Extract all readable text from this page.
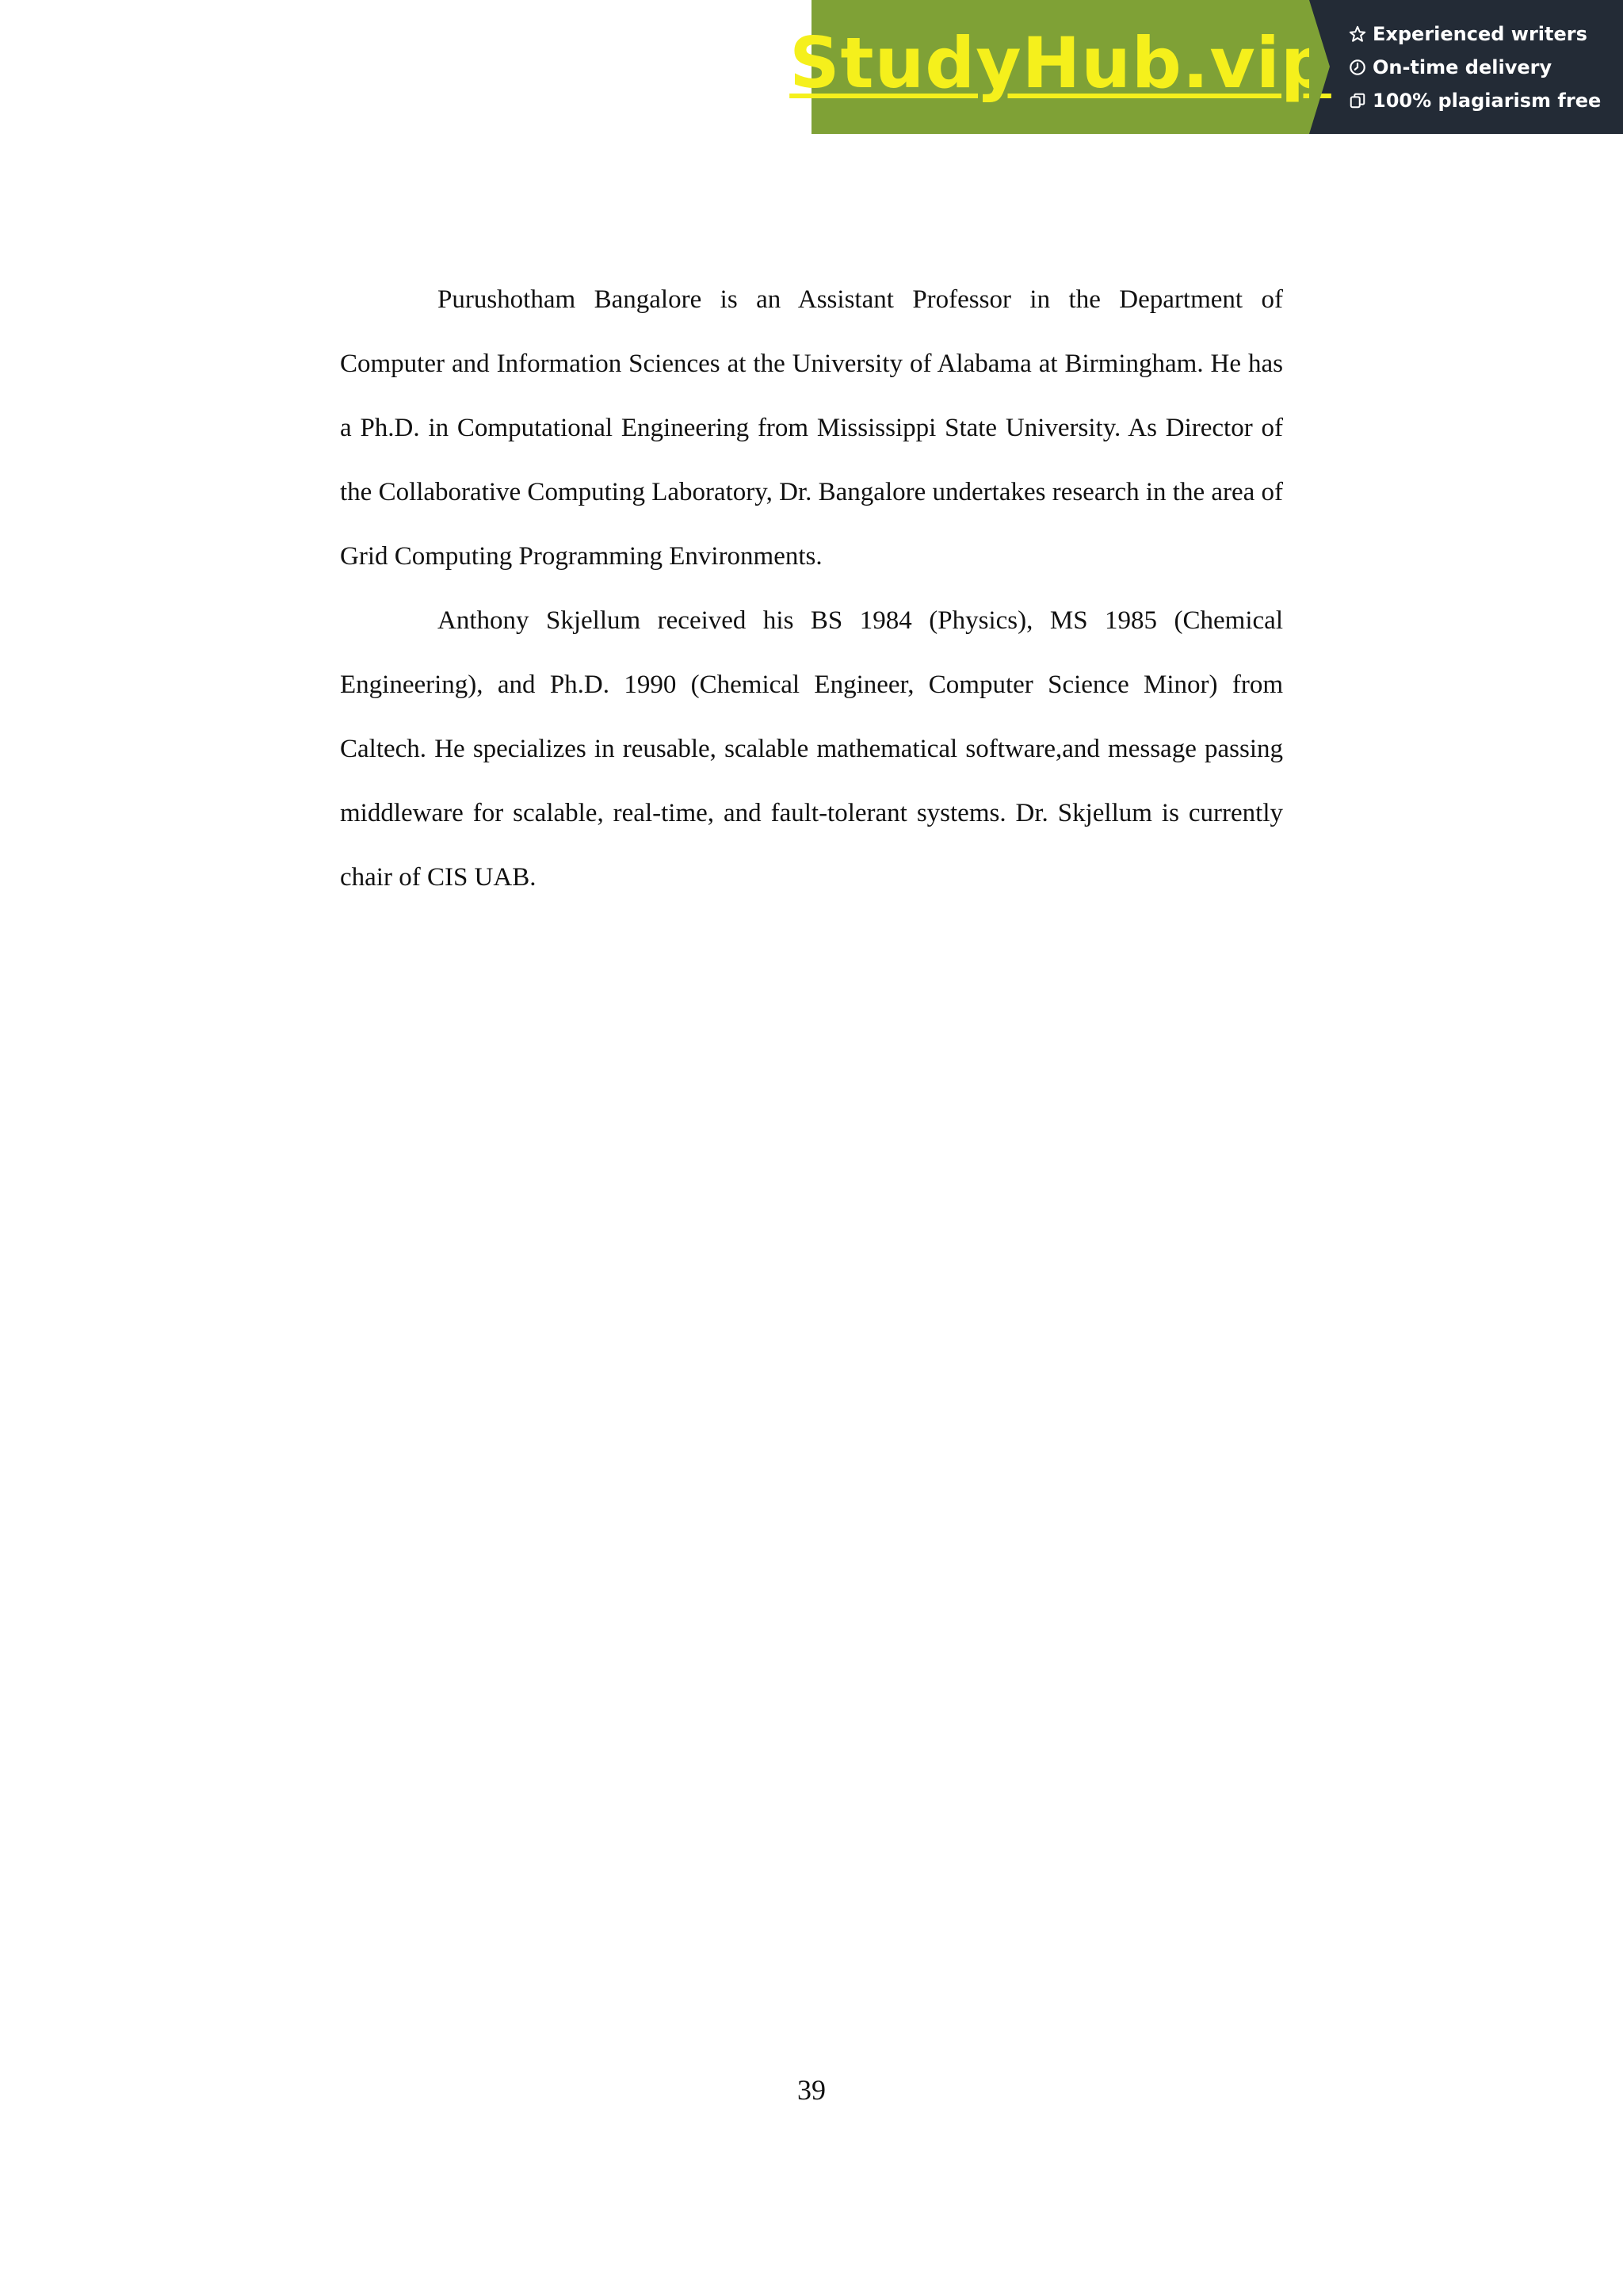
StudyHub.vip Experienced writers
On-time delivery
100% plagiarism free

Purushotham Bangalore is an Assistant Professor in the Department of Computer and Information Sciences at the University of Alabama at Birmingham. He has a Ph.D. in Computational Engineering from Mississippi State University. As Director of the Collaborative Computing Laboratory, Dr. Bangalore undertakes research in the area of Grid Computing Programming Environments.

Anthony Skjellum received his BS 1984 (Physics), MS 1985 (Chemical Engineering), and Ph.D. 1990 (Chemical Engineer, Computer Science Minor) from Caltech. He specializes in reusable, scalable mathematical software,and message passing middleware for scalable, real-time, and fault-tolerant systems. Dr. Skjellum is currently chair of CIS UAB.

39
